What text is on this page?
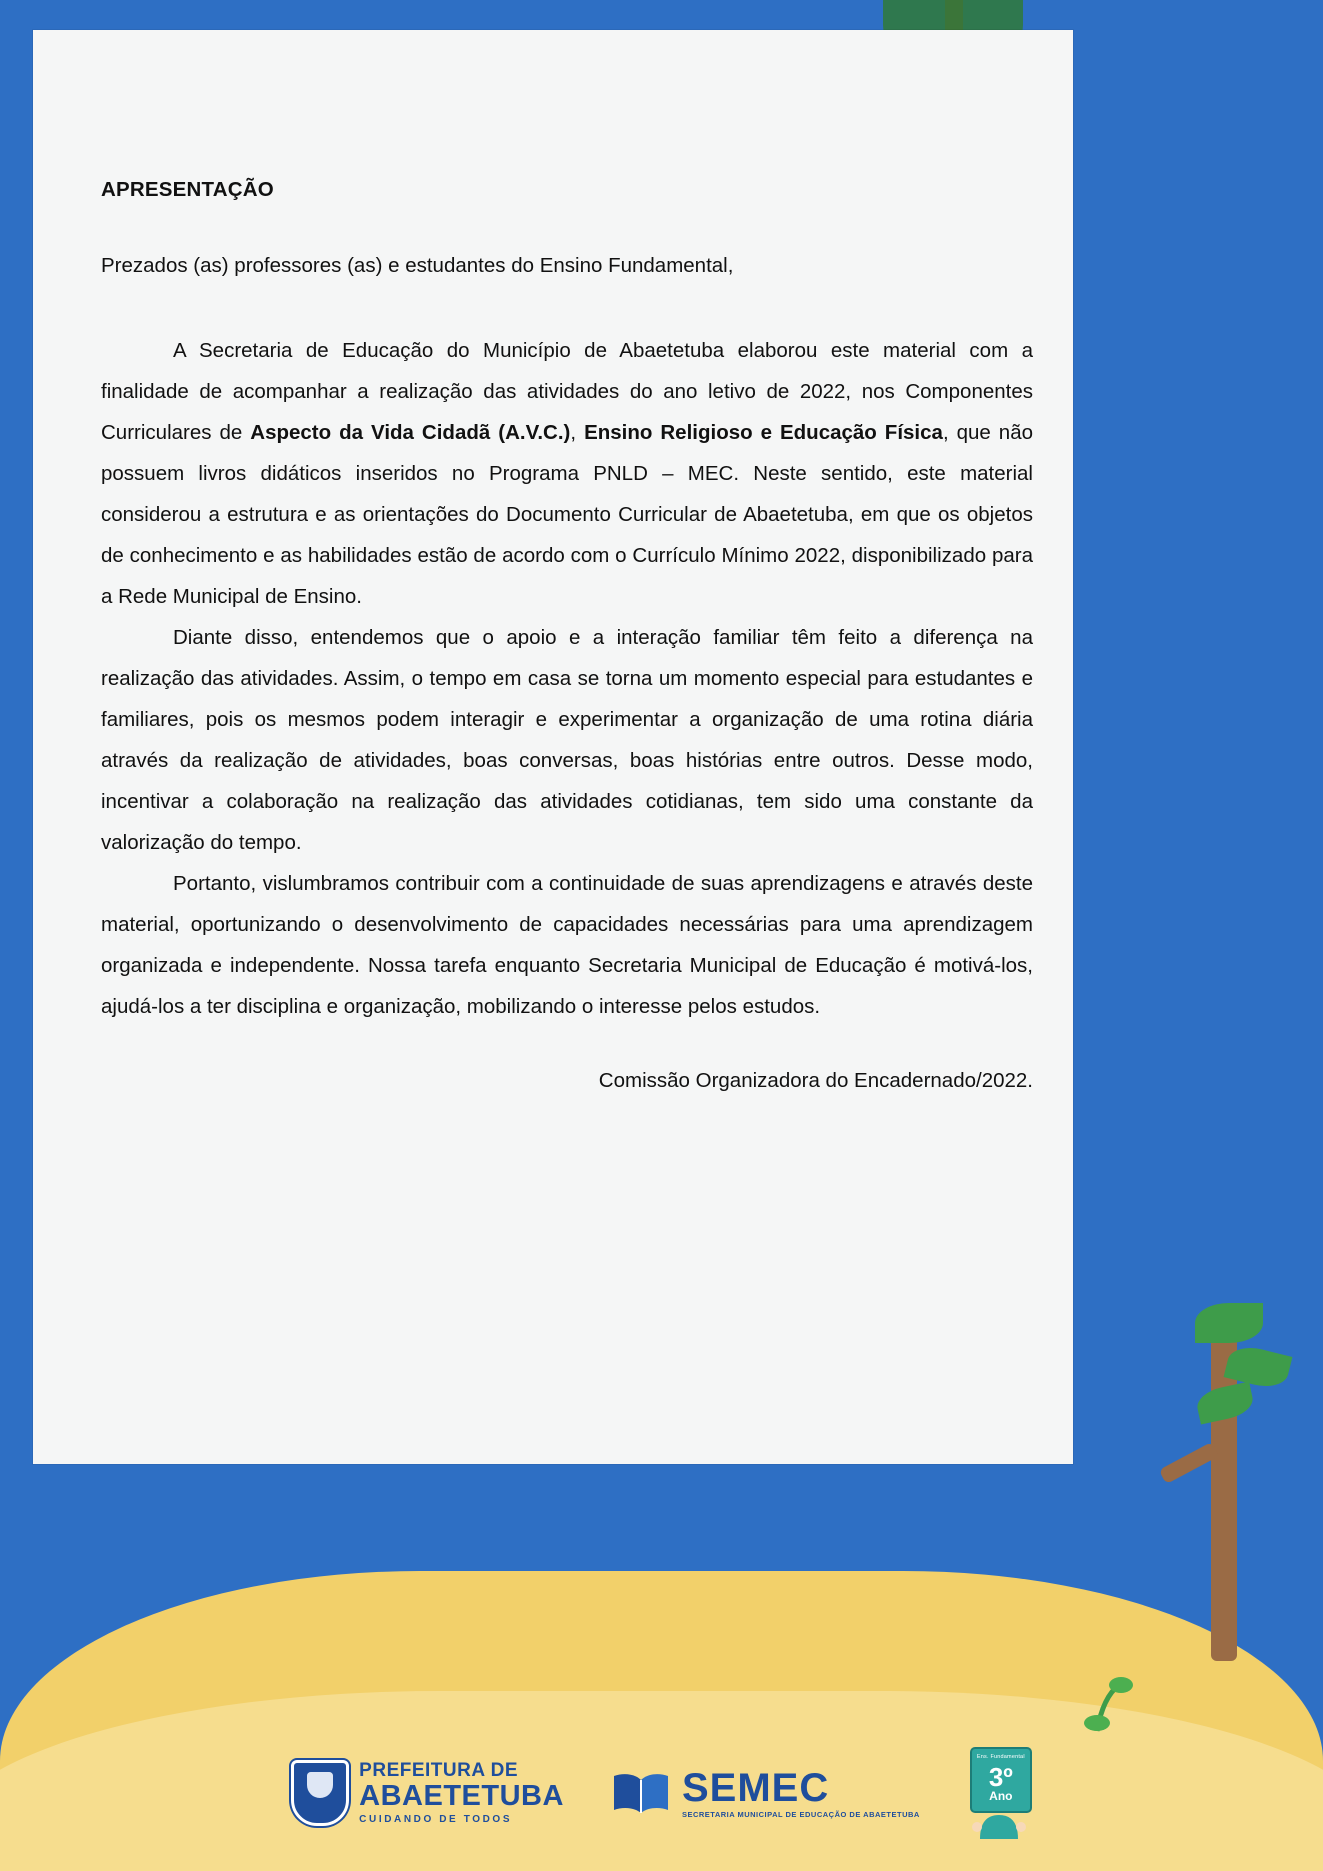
APRESENTAÇÃO

Prezados (as) professores (as) e estudantes do Ensino Fundamental,

A Secretaria de Educação do Município de Abaetetuba elaborou este material com a finalidade de acompanhar a realização das atividades do ano letivo de 2022, nos Componentes Curriculares de Aspecto da Vida Cidadã (A.V.C.), Ensino Religioso e Educação Física, que não possuem livros didáticos inseridos no Programa PNLD – MEC. Neste sentido, este material considerou a estrutura e as orientações do Documento Curricular de Abaetetuba, em que os objetos de conhecimento e as habilidades estão de acordo com o Currículo Mínimo 2022, disponibilizado para a Rede Municipal de Ensino.

Diante disso, entendemos que o apoio e a interação familiar têm feito a diferença na realização das atividades. Assim, o tempo em casa se torna um momento especial para estudantes e familiares, pois os mesmos podem interagir e experimentar a organização de uma rotina diária através da realização de atividades, boas conversas, boas histórias entre outros. Desse modo, incentivar a colaboração na realização das atividades cotidianas, tem sido uma constante da valorização do tempo.

Portanto, vislumbramos contribuir com a continuidade de suas aprendizagens e através deste material, oportunizando o desenvolvimento de capacidades necessárias para uma aprendizagem organizada e independente. Nossa tarefa enquanto Secretaria Municipal de Educação é motivá-los, ajudá-los a ter disciplina e organização, mobilizando o interesse pelos estudos.

Comissão Organizadora do Encadernado/2022.

PREFEITURA DE
ABAETETUBA
CUIDANDO DE TODOS
SEMEC
SECRETARIA MUNICIPAL DE EDUCAÇÃO DE ABAETETUBA
Ens. Fundamental
3º
Ano
